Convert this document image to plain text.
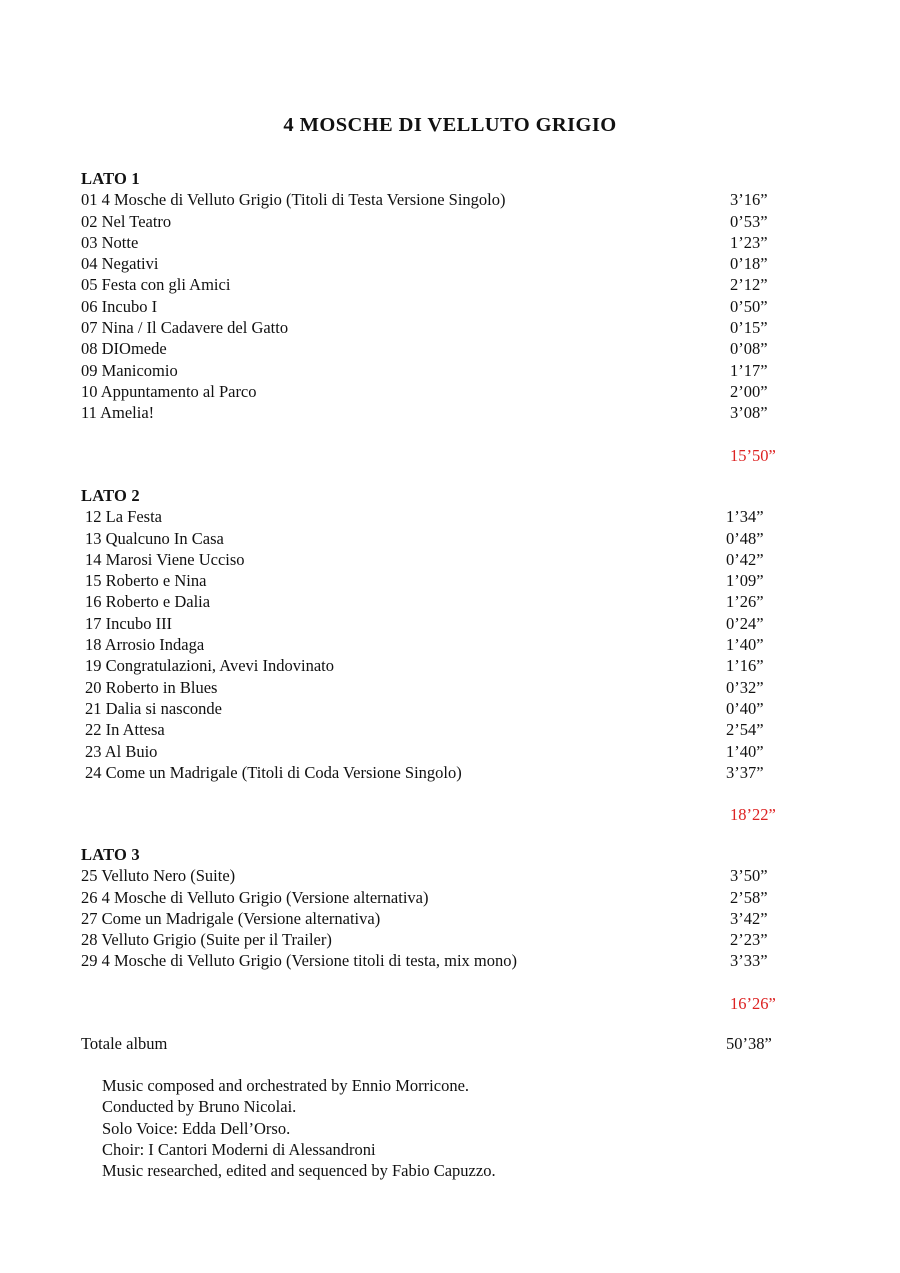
4 MOSCHE DI VELLUTO GRIGIO
LATO 1
01 4 Mosche di Velluto Grigio (Titoli di Testa Versione Singolo)	3’16”
02 Nel Teatro	0’53”
03 Notte	1’23”
04 Negativi	0’18”
05 Festa con gli Amici	2’12”
06 Incubo I	0’50”
07 Nina / Il Cadavere del Gatto	0’15”
08 DIOmede	0’08”
09 Manicomio	1’17”
10 Appuntamento al Parco	2’00”
11 Amelia!	3’08”
15’50”
LATO 2
12 La Festa	1’34”
13 Qualcuno In Casa	0’48”
14 Marosi Viene Ucciso	0’42”
15 Roberto e Nina	1’09”
16 Roberto e Dalia	1’26”
17 Incubo III	0’24”
18 Arrosio Indaga	1’40”
19 Congratulazioni, Avevi Indovinato	1’16”
20 Roberto in Blues	0’32”
21 Dalia si nasconde	0’40”
22 In Attesa	2’54”
23 Al Buio	1’40”
24 Come un Madrigale (Titoli di Coda Versione Singolo)	3’37”
18’22”
LATO 3
25 Velluto Nero (Suite)	3’50”
26 4 Mosche di Velluto Grigio (Versione alternativa)	2’58”
27 Come un Madrigale (Versione alternativa)	3’42”
28 Velluto Grigio (Suite per il Trailer)	2’23”
29 4 Mosche di Velluto Grigio (Versione titoli di testa, mix mono)	3’33”
16’26”
Totale album	50’38”
Music composed and orchestrated by Ennio Morricone.
Conducted by Bruno Nicolai.
Solo Voice: Edda Dell’Orso.
Choir: I Cantori Moderni di Alessandroni
Music researched, edited and sequenced by Fabio Capuzzo.
